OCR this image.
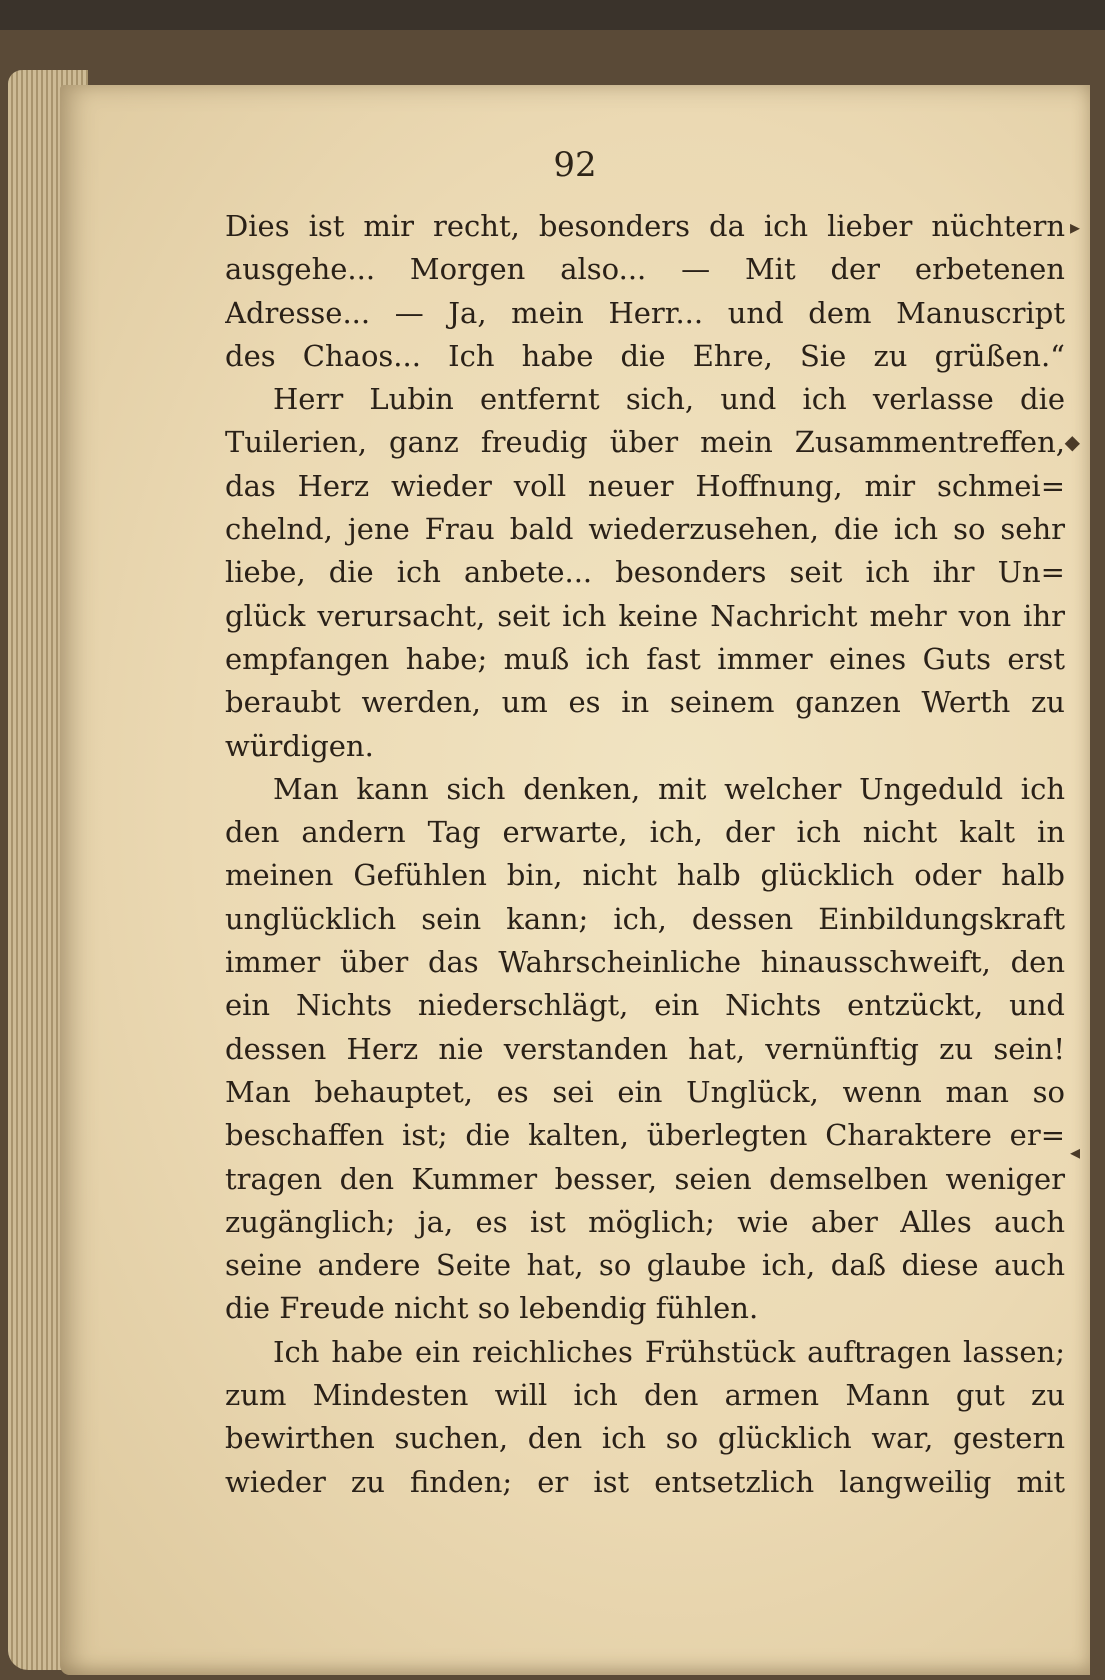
92
Dies ist mir recht, besonders da ich lieber nüchtern
ausgehe... Morgen also... — Mit der erbetenen
Adresse... — Ja, mein Herr... und dem Manuscript
des Chaos... Ich habe die Ehre, Sie zu grüßen.“
Herr Lubin entfernt sich, und ich verlasse die
Tuilerien, ganz freudig über mein Zusammentreffen,
das Herz wieder voll neuer Hoffnung, mir schmei=
chelnd, jene Frau bald wiederzusehen, die ich so sehr
liebe, die ich anbete... besonders seit ich ihr Un=
glück verursacht, seit ich keine Nachricht mehr von ihr
empfangen habe; muß ich fast immer eines Guts erst
beraubt werden, um es in seinem ganzen Werth zu
würdigen.
Man kann sich denken, mit welcher Ungeduld ich
den andern Tag erwarte, ich, der ich nicht kalt in
meinen Gefühlen bin, nicht halb glücklich oder halb
unglücklich sein kann; ich, dessen Einbildungskraft
immer über das Wahrscheinliche hinausschweift, den
ein Nichts niederschlägt, ein Nichts entzückt, und
dessen Herz nie verstanden hat, vernünftig zu sein!
Man behauptet, es sei ein Unglück, wenn man so
beschaffen ist; die kalten, überlegten Charaktere er=
tragen den Kummer besser, seien demselben weniger
zugänglich; ja, es ist möglich; wie aber Alles auch
seine andere Seite hat, so glaube ich, daß diese auch
die Freude nicht so lebendig fühlen.
Ich habe ein reichliches Frühstück auftragen lassen;
zum Mindesten will ich den armen Mann gut zu
bewirthen suchen, den ich so glücklich war, gestern
wieder zu finden; er ist entsetzlich langweilig mit
▸
◆
◂
